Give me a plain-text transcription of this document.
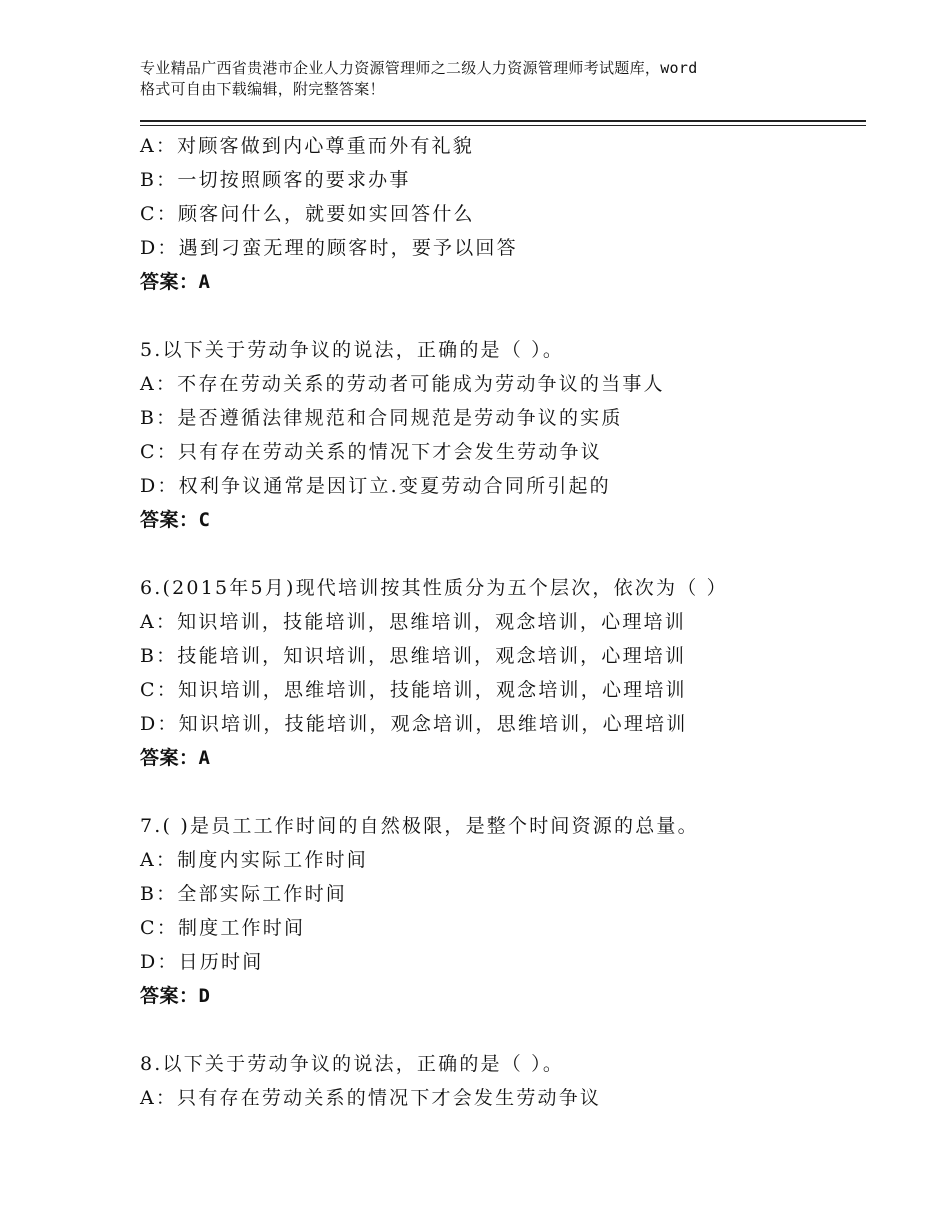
专业精品广西省贵港市企业人力资源管理师之二级人力资源管理师考试题库，word
格式可自由下载编辑，附完整答案！
A：对顾客做到内心尊重而外有礼貌
B：一切按照顾客的要求办事
C：顾客问什么，就要如实回答什么
D：遇到刁蛮无理的顾客时，要予以回答
答案：A
5.以下关于劳动争议的说法，正确的是（ ）。
A：不存在劳动关系的劳动者可能成为劳动争议的当事人
B：是否遵循法律规范和合同规范是劳动争议的实质
C：只有存在劳动关系的情况下才会发生劳动争议
D：权利争议通常是因订立.变夏劳动合同所引起的
答案：C
6.(2015年5月)现代培训按其性质分为五个层次，依次为（ ）
A：知识培训，技能培训，思维培训，观念培训，心理培训
B：技能培训，知识培训，思维培训，观念培训，心理培训
C：知识培训，思维培训，技能培训，观念培训，心理培训
D：知识培训，技能培训，观念培训，思维培训，心理培训
答案：A
7.( )是员工工作时间的自然极限，是整个时间资源的总量。
A：制度内实际工作时间
B：全部实际工作时间
C：制度工作时间
D：日历时间
答案：D
8.以下关于劳动争议的说法，正确的是（ ）。
A：只有存在劳动关系的情况下才会发生劳动争议
